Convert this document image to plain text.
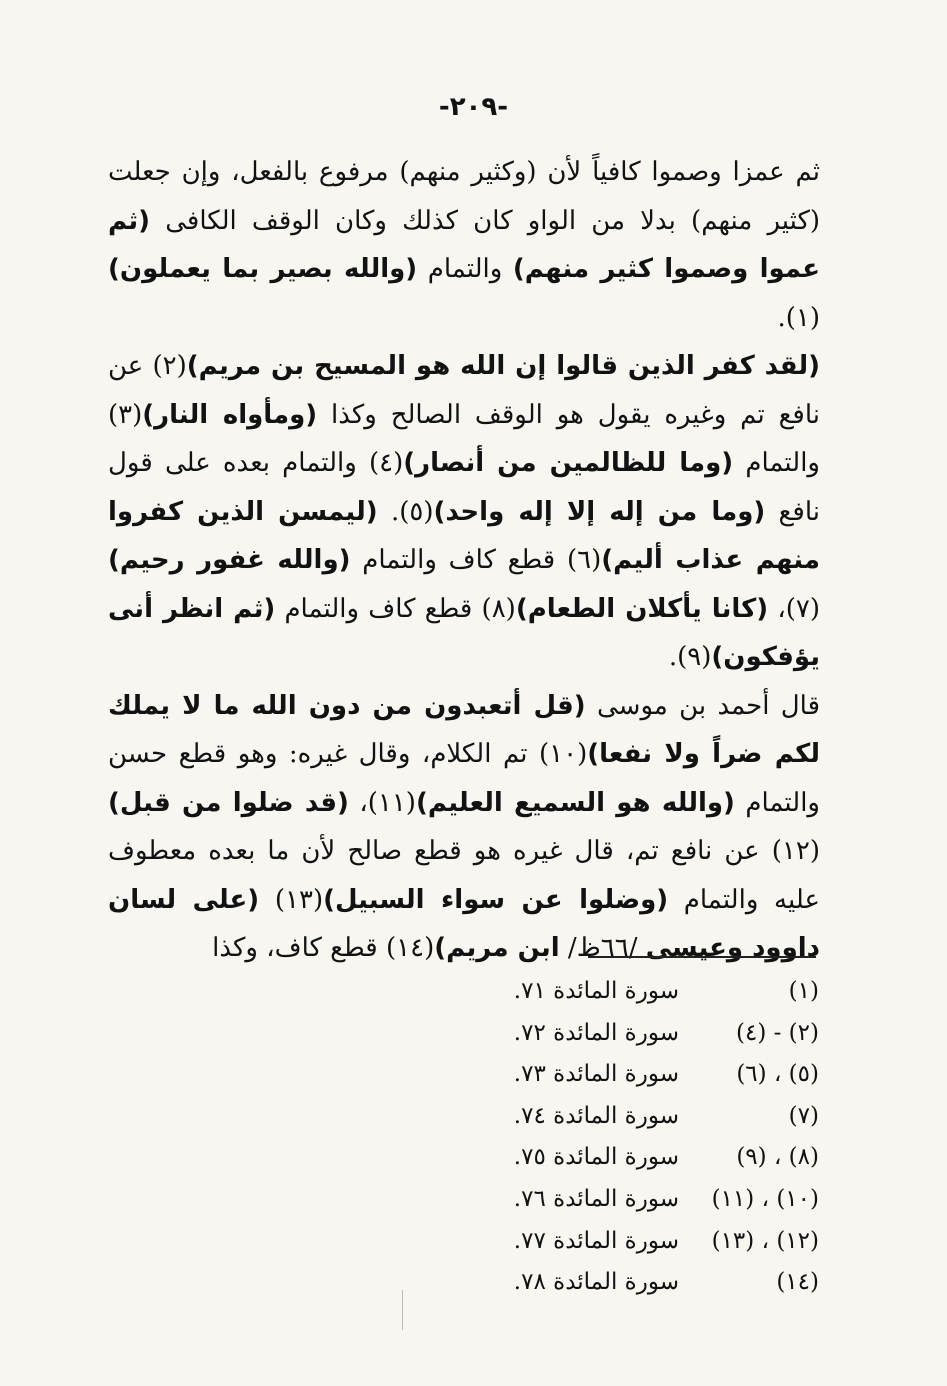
-٢٠٩-

ثم عمزا وصموا كافياً لأن (وكثير منهم) مرفوع بالفعل، وإن جعلت (كثير منهم) بدلا من الواو كان كذلك وكان الوقف الكافى (ثم عموا وصموا كثير منهم) والتمام (والله بصير بما يعملون)(١).

(لقد كفر الذين قالوا إن الله هو المسيح بن مريم)(٢) عن نافع تم وغيره يقول هو الوقف الصالح وكذا (ومأواه النار)(٣) والتمام (وما للظالمين من أنصار)(٤) والتمام بعده على قول نافع (وما من إله إلا إله واحد)(٥). (ليمسن الذين كفروا منهم عذاب أليم)(٦) قطع كاف والتمام (والله غفور رحيم)(٧)، (كانا يأكلان الطعام)(٨) قطع كاف والتمام (ثم انظر أنى يؤفكون)(٩).

قال أحمد بن موسى (قل أتعبدون من دون الله ما لا يملك لكم ضراً ولا نفعا)(١٠) تم الكلام، وقال غيره: وهو قطع حسن والتمام (والله هو السميع العليم)(١١)، (قد ضلوا من قبل)(١٢) عن نافع تم، قال غيره هو قطع صالح لأن ما بعده معطوف عليه والتمام (وضلوا عن سواء السبيل)(١٣) (على لسان داوود وعيسى /٦٦ظ/ ابن مريم)(١٤) قطع كاف، وكذا

(١)
سورة المائدة ٧١.
(٢) - (٤)
سورة المائدة ٧٢.
(٥) ، (٦)
سورة المائدة ٧٣.
(٧)
سورة المائدة ٧٤.
(٨) ، (٩)
سورة المائدة ٧٥.
(١٠) ، (١١)
سورة المائدة ٧٦.
(١٢) ، (١٣)
سورة المائدة ٧٧.
(١٤)
سورة المائدة ٧٨.
